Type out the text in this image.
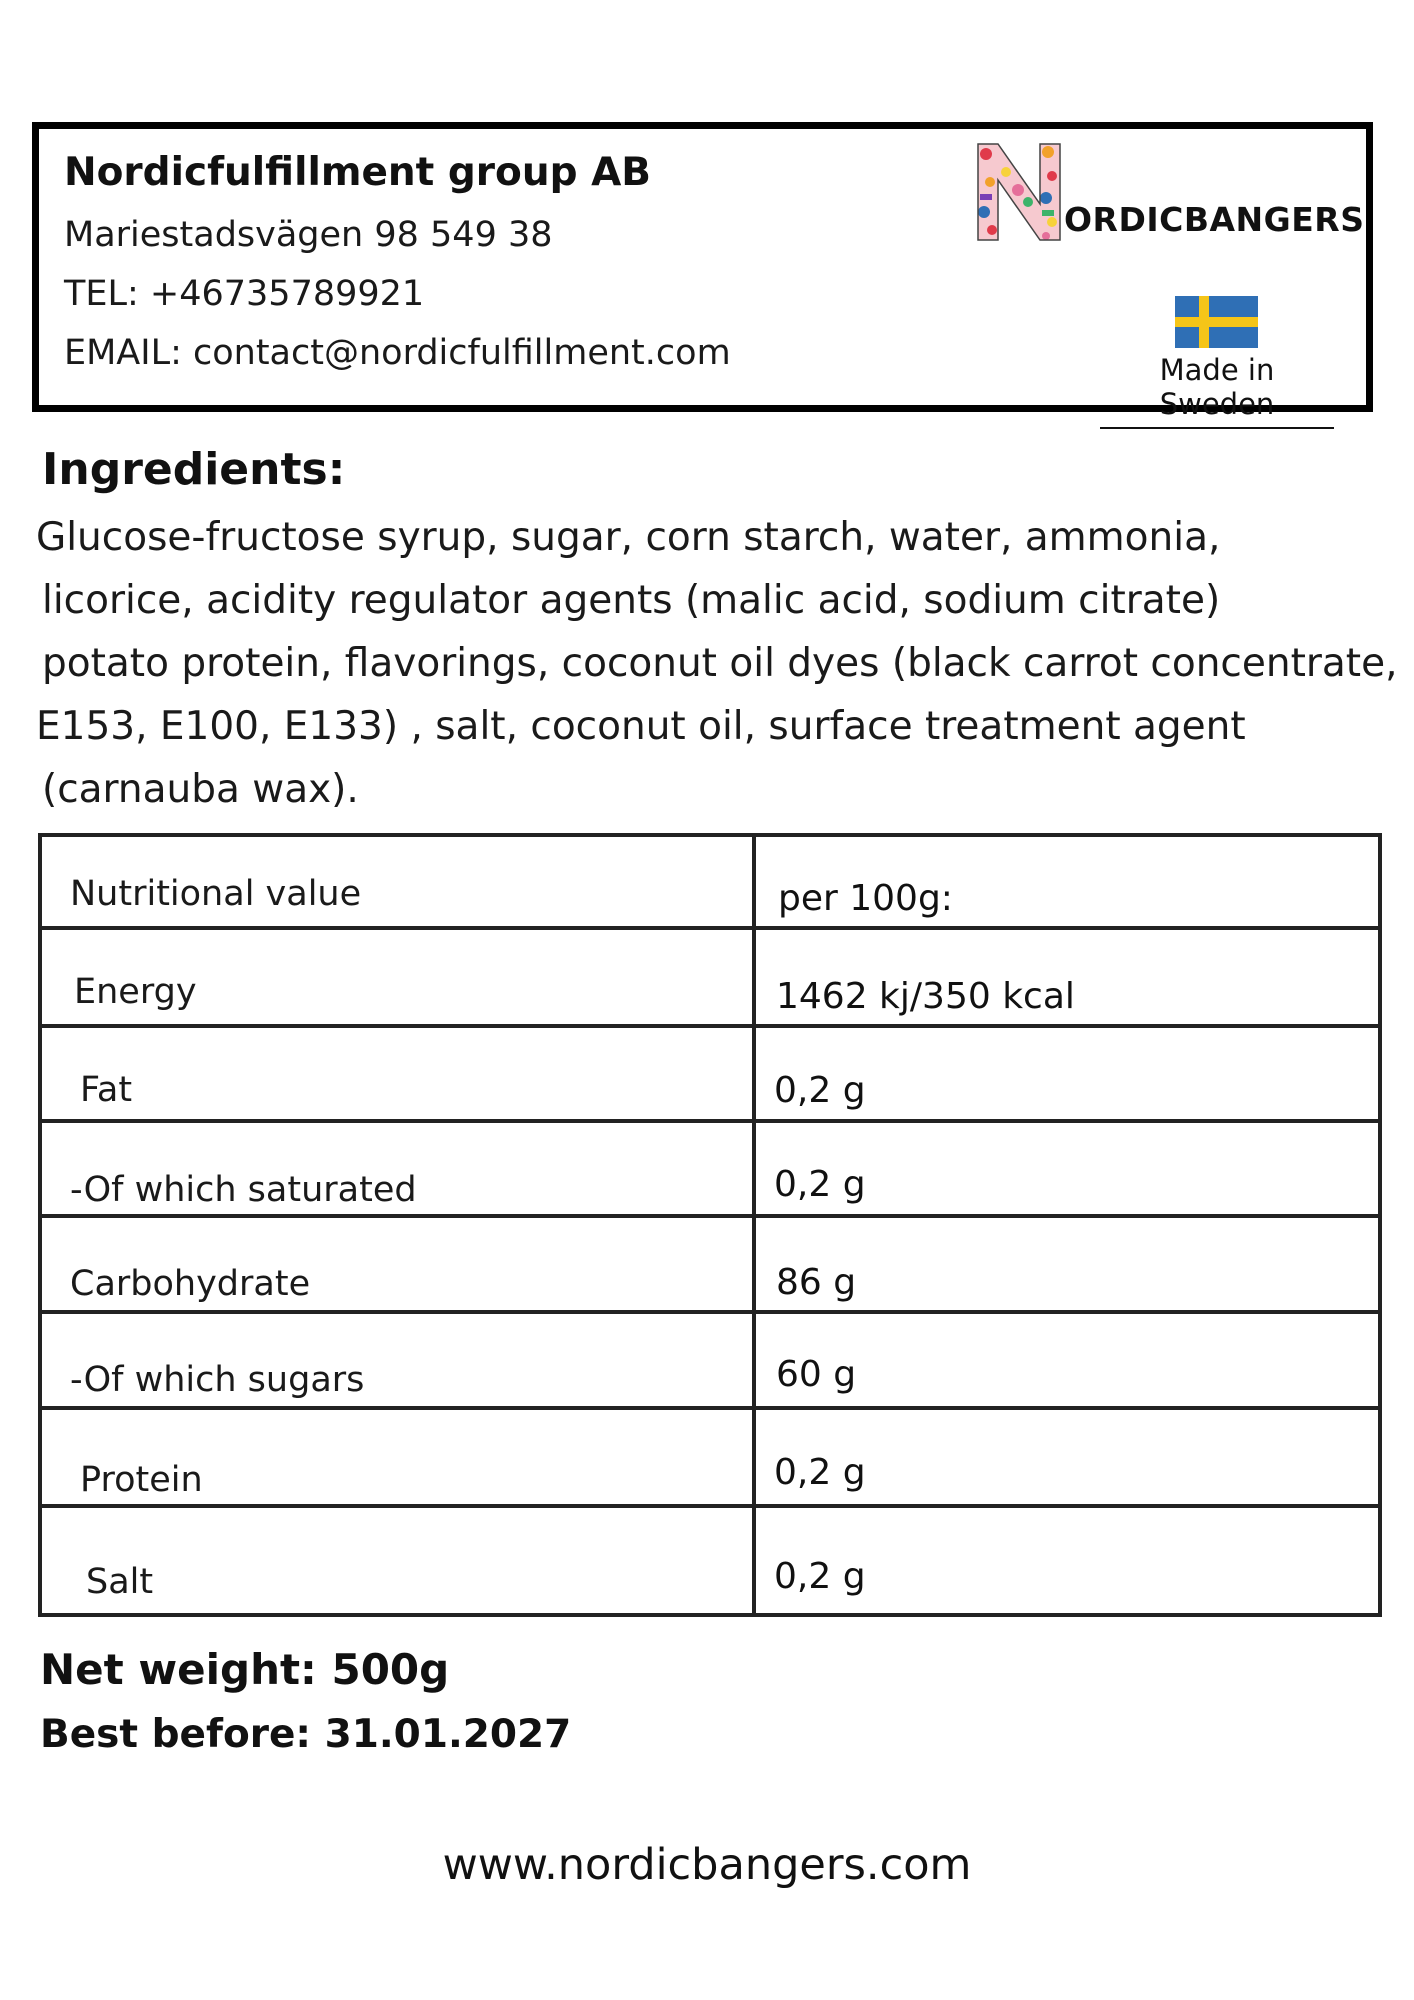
Nordicfulfillment group AB
Mariestadsvägen 98 549 38
TEL: +46735789921
EMAIL: contact@nordicfulfillment.com
ORDICBANGERS
Made in Sweden
Ingredients:
Glucose-fructose syrup, sugar, corn starch, water, ammonia,
licorice, acidity regulator agents (malic acid, sodium citrate)
potato protein, flavorings, coconut oil dyes (black carrot concentrate,
E153, E100, E133) , salt, coconut oil, surface treatment agent
(carnauba wax).
Nutritional value	per 100g:
Energy	1462 kj/350 kcal
Fat	0,2 g
-Of which saturated	0,2 g
Carbohydrate	86 g
-Of which sugars	60 g
Protein	0,2 g
Salt	0,2 g
Net weight: 500g
Best before: 31.01.2027
www.nordicbangers.com
